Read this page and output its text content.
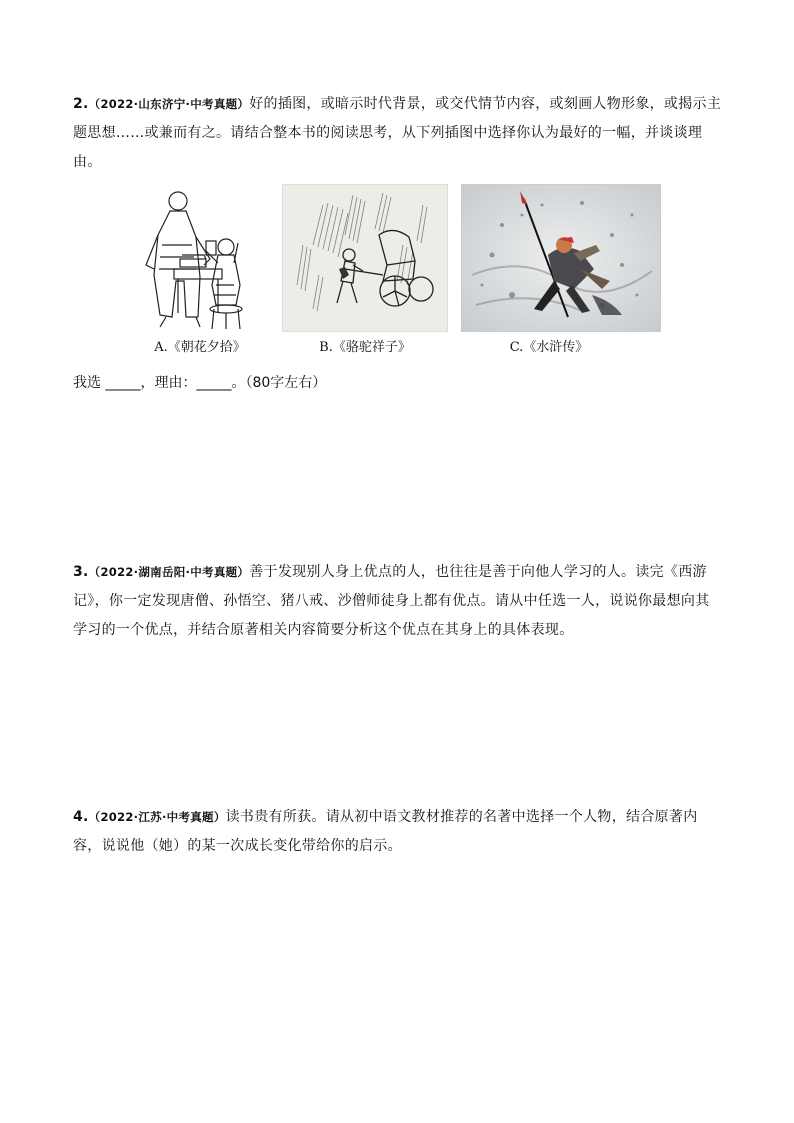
2.（2022·山东济宁·中考真题）好的插图，或暗示时代背景，或交代情节内容，或刻画人物形象，或揭示主题思想……或兼而有之。请结合整本书的阅读思考，从下列插图中选择你认为最好的一幅，并谈谈理由。
A.《朝花夕拾》	B.《骆驼祥子》	C.《水浒传》
我选 _____，理由：_____。（80字左右）
3.（2022·湖南岳阳·中考真题）善于发现别人身上优点的人，也往往是善于向他人学习的人。读完《西游记》，你一定发现唐僧、孙悟空、猪八戒、沙僧师徒身上都有优点。请从中任选一人，说说你最想向其学习的一个优点，并结合原著相关内容简要分析这个优点在其身上的具体表现。
4.（2022·江苏·中考真题）读书贵有所获。请从初中语文教材推荐的名著中选择一个人物，结合原著内容，说说他（她）的某一次成长变化带给你的启示。
